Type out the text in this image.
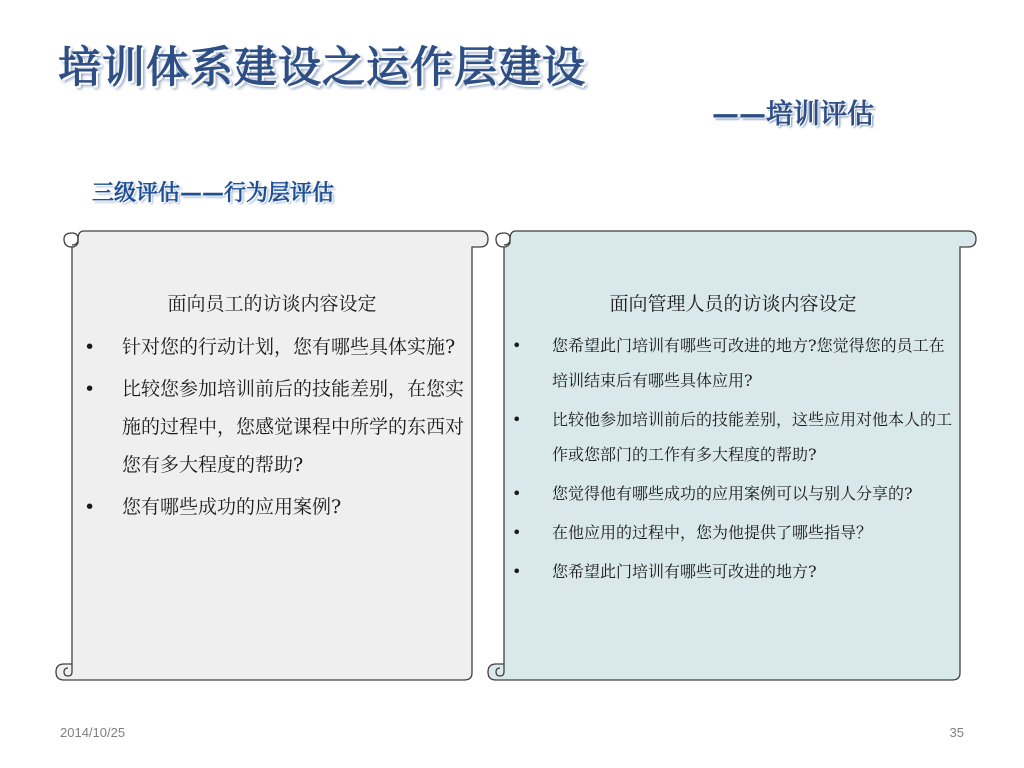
培训体系建设之运作层建设
——培训评估
三级评估——行为层评估
面向员工的访谈内容设定
• 针对您的行动计划，您有哪些具体实施?
• 比较您参加培训前后的技能差别，在您实施的过程中，您感觉课程中所学的东西对您有多大程度的帮助?
• 您有哪些成功的应用案例?
面向管理人员的访谈内容设定
• 您希望此门培训有哪些可改进的地方?您觉得您的员工在培训结束后有哪些具体应用?
• 比较他参加培训前后的技能差别，这些应用对他本人的工作或您部门的工作有多大程度的帮助?
• 您觉得他有哪些成功的应用案例可以与别人分享的?
• 在他应用的过程中，您为他提供了哪些指导？
• 您希望此门培训有哪些可改进的地方?
2014/10/25	35
